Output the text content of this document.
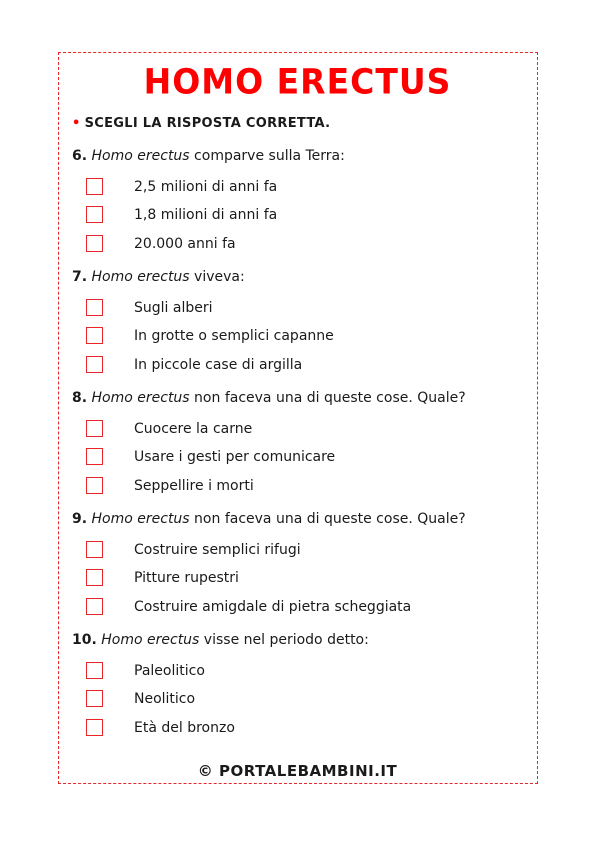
HOMO ERECTUS
• SCEGLI LA RISPOSTA CORRETTA.
6. Homo erectus comparve sulla Terra:
2,5 milioni di anni fa
1,8 milioni di anni fa
20.000 anni fa
7. Homo erectus viveva:
Sugli alberi
In grotte o semplici capanne
In piccole case di argilla
8. Homo erectus non faceva una di queste cose. Quale?
Cuocere la carne
Usare i gesti per comunicare
Seppellire i morti
9. Homo erectus non faceva una di queste cose. Quale?
Costruire semplici rifugi
Pitture rupestri
Costruire amigdale di pietra scheggiata
10. Homo erectus visse nel periodo detto:
Paleolitico
Neolitico
Età del bronzo
© PORTALEBAMBINI.IT
